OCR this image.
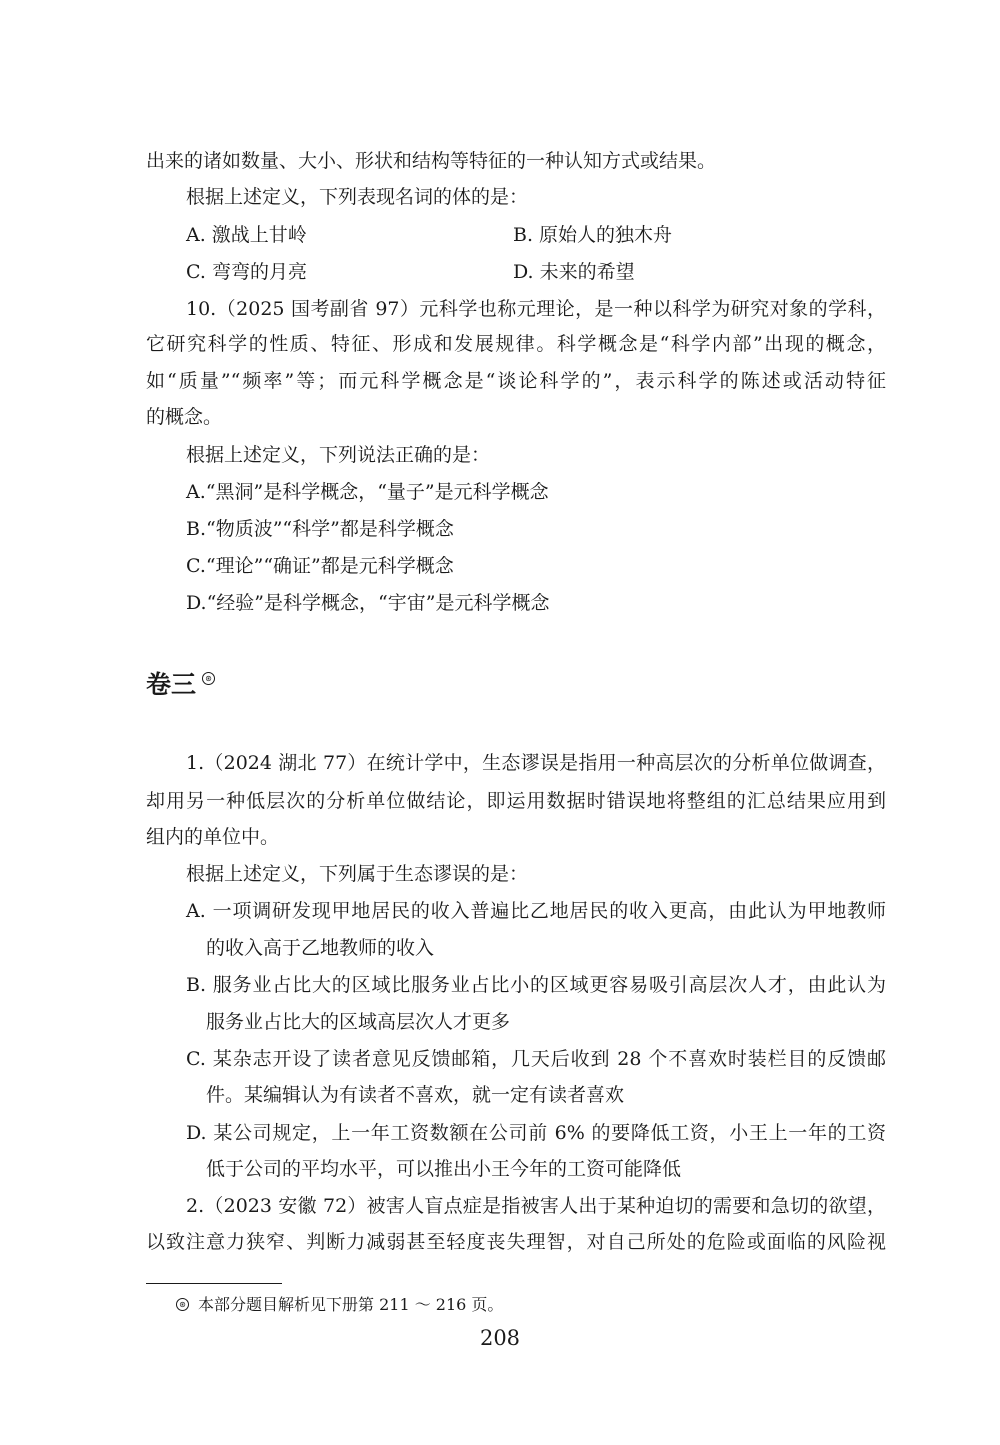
出来的诸如数量、大小、形状和结构等特征的一种认知方式或结果。
根据上述定义，下列表现名词的体的是：
A. 激战上甘岭	B. 原始人的独木舟
C. 弯弯的月亮	D. 未来的希望
10.（2025 国考副省 97）元科学也称元理论，是一种以科学为研究对象的学科，
它研究科学的性质、特征、形成和发展规律。科学概念是“科学内部”出现的概念，
如“质量”“频率”等；而元科学概念是“谈论科学的”，表示科学的陈述或活动特征
的概念。
根据上述定义，下列说法正确的是：
A.“黑洞”是科学概念，“量子”是元科学概念
B.“物质波”“科学”都是科学概念
C.“理论”“确证”都是元科学概念
D.“经验”是科学概念，“宇宙”是元科学概念
卷三	⊛
1.（2024 湖北 77）在统计学中，生态谬误是指用一种高层次的分析单位做调查，
却用另一种低层次的分析单位做结论，即运用数据时错误地将整组的汇总结果应用到
组内的单位中。
根据上述定义，下列属于生态谬误的是：
A. 一项调研发现甲地居民的收入普遍比乙地居民的收入更高，由此认为甲地教师
的收入高于乙地教师的收入
B. 服务业占比大的区域比服务业占比小的区域更容易吸引高层次人才，由此认为
服务业占比大的区域高层次人才更多
C. 某杂志开设了读者意见反馈邮箱，几天后收到 28 个不喜欢时装栏目的反馈邮
件。某编辑认为有读者不喜欢，就一定有读者喜欢
D. 某公司规定，上一年工资数额在公司前 6% 的要降低工资，小王上一年的工资
低于公司的平均水平，可以推出小王今年的工资可能降低
2.（2023 安徽 72）被害人盲点症是指被害人出于某种迫切的需要和急切的欲望，
以致注意力狭窄、判断力减弱甚至轻度丧失理智，对自己所处的危险或面临的风险视
⊛ 本部分题目解析见下册第 211 ～ 216 页。
208
